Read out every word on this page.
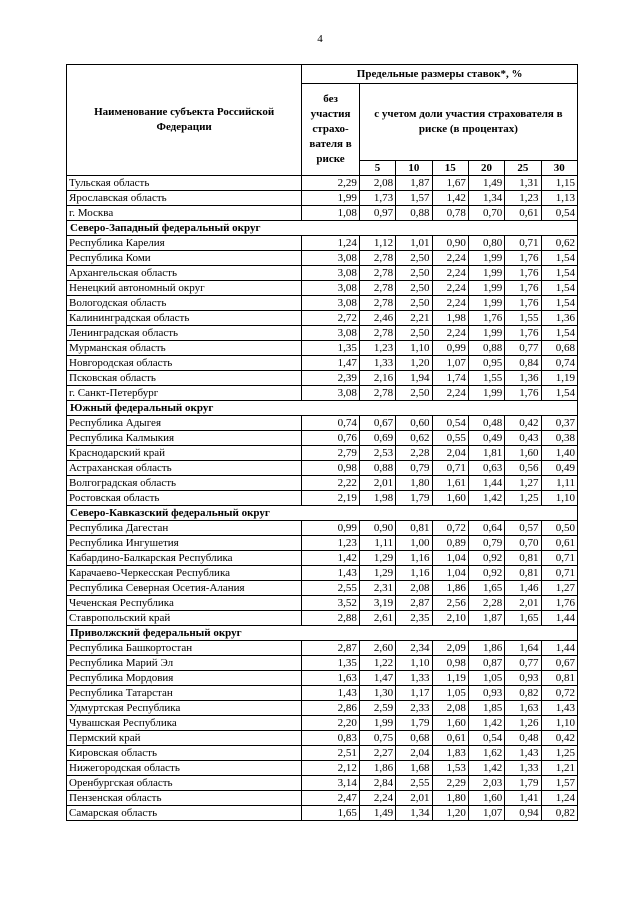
4
Наименование субъекта Российской Федерации	Предельные размеры ставок*, %						
	без участия страхо-вателя в риске	с учетом доли участия страхователя в риске (в процентах)					
		5	10	15	20	25	30
Тульская область	2,29	2,08	1,87	1,67	1,49	1,31	1,15
Ярославская область	1,99	1,73	1,57	1,42	1,34	1,23	1,13
г. Москва	1,08	0,97	0,88	0,78	0,70	0,61	0,54
Северо-Западный федеральный округ							
Республика Карелия	1,24	1,12	1,01	0,90	0,80	0,71	0,62
Республика Коми	3,08	2,78	2,50	2,24	1,99	1,76	1,54
Архангельская область	3,08	2,78	2,50	2,24	1,99	1,76	1,54
Ненецкий автономный округ	3,08	2,78	2,50	2,24	1,99	1,76	1,54
Вологодская область	3,08	2,78	2,50	2,24	1,99	1,76	1,54
Калининградская область	2,72	2,46	2,21	1,98	1,76	1,55	1,36
Ленинградская область	3,08	2,78	2,50	2,24	1,99	1,76	1,54
Мурманская область	1,35	1,23	1,10	0,99	0,88	0,77	0,68
Новгородская область	1,47	1,33	1,20	1,07	0,95	0,84	0,74
Псковская область	2,39	2,16	1,94	1,74	1,55	1,36	1,19
г. Санкт-Петербург	3,08	2,78	2,50	2,24	1,99	1,76	1,54
Южный федеральный округ							
Республика Адыгея	0,74	0,67	0,60	0,54	0,48	0,42	0,37
Республика Калмыкия	0,76	0,69	0,62	0,55	0,49	0,43	0,38
Краснодарский край	2,79	2,53	2,28	2,04	1,81	1,60	1,40
Астраханская область	0,98	0,88	0,79	0,71	0,63	0,56	0,49
Волгоградская область	2,22	2,01	1,80	1,61	1,44	1,27	1,11
Ростовская область	2,19	1,98	1,79	1,60	1,42	1,25	1,10
Северо-Кавказский федеральный округ							
Республика Дагестан	0,99	0,90	0,81	0,72	0,64	0,57	0,50
Республика Ингушетия	1,23	1,11	1,00	0,89	0,79	0,70	0,61
Кабардино-Балкарская Республика	1,42	1,29	1,16	1,04	0,92	0,81	0,71
Карачаево-Черкесская Республика	1,43	1,29	1,16	1,04	0,92	0,81	0,71
Республика Северная Осетия-Алания	2,55	2,31	2,08	1,86	1,65	1,46	1,27
Чеченская Республика	3,52	3,19	2,87	2,56	2,28	2,01	1,76
Ставропольский край	2,88	2,61	2,35	2,10	1,87	1,65	1,44
Приволжский федеральный округ							
Республика Башкортостан	2,87	2,60	2,34	2,09	1,86	1,64	1,44
Республика Марий Эл	1,35	1,22	1,10	0,98	0,87	0,77	0,67
Республика Мордовия	1,63	1,47	1,33	1,19	1,05	0,93	0,81
Республика Татарстан	1,43	1,30	1,17	1,05	0,93	0,82	0,72
Удмуртская Республика	2,86	2,59	2,33	2,08	1,85	1,63	1,43
Чувашская Республика	2,20	1,99	1,79	1,60	1,42	1,26	1,10
Пермский край	0,83	0,75	0,68	0,61	0,54	0,48	0,42
Кировская область	2,51	2,27	2,04	1,83	1,62	1,43	1,25
Нижегородская область	2,12	1,86	1,68	1,53	1,42	1,33	1,21
Оренбургская область	3,14	2,84	2,55	2,29	2,03	1,79	1,57
Пензенская область	2,47	2,24	2,01	1,80	1,60	1,41	1,24
Самарская область	1,65	1,49	1,34	1,20	1,07	0,94	0,82
